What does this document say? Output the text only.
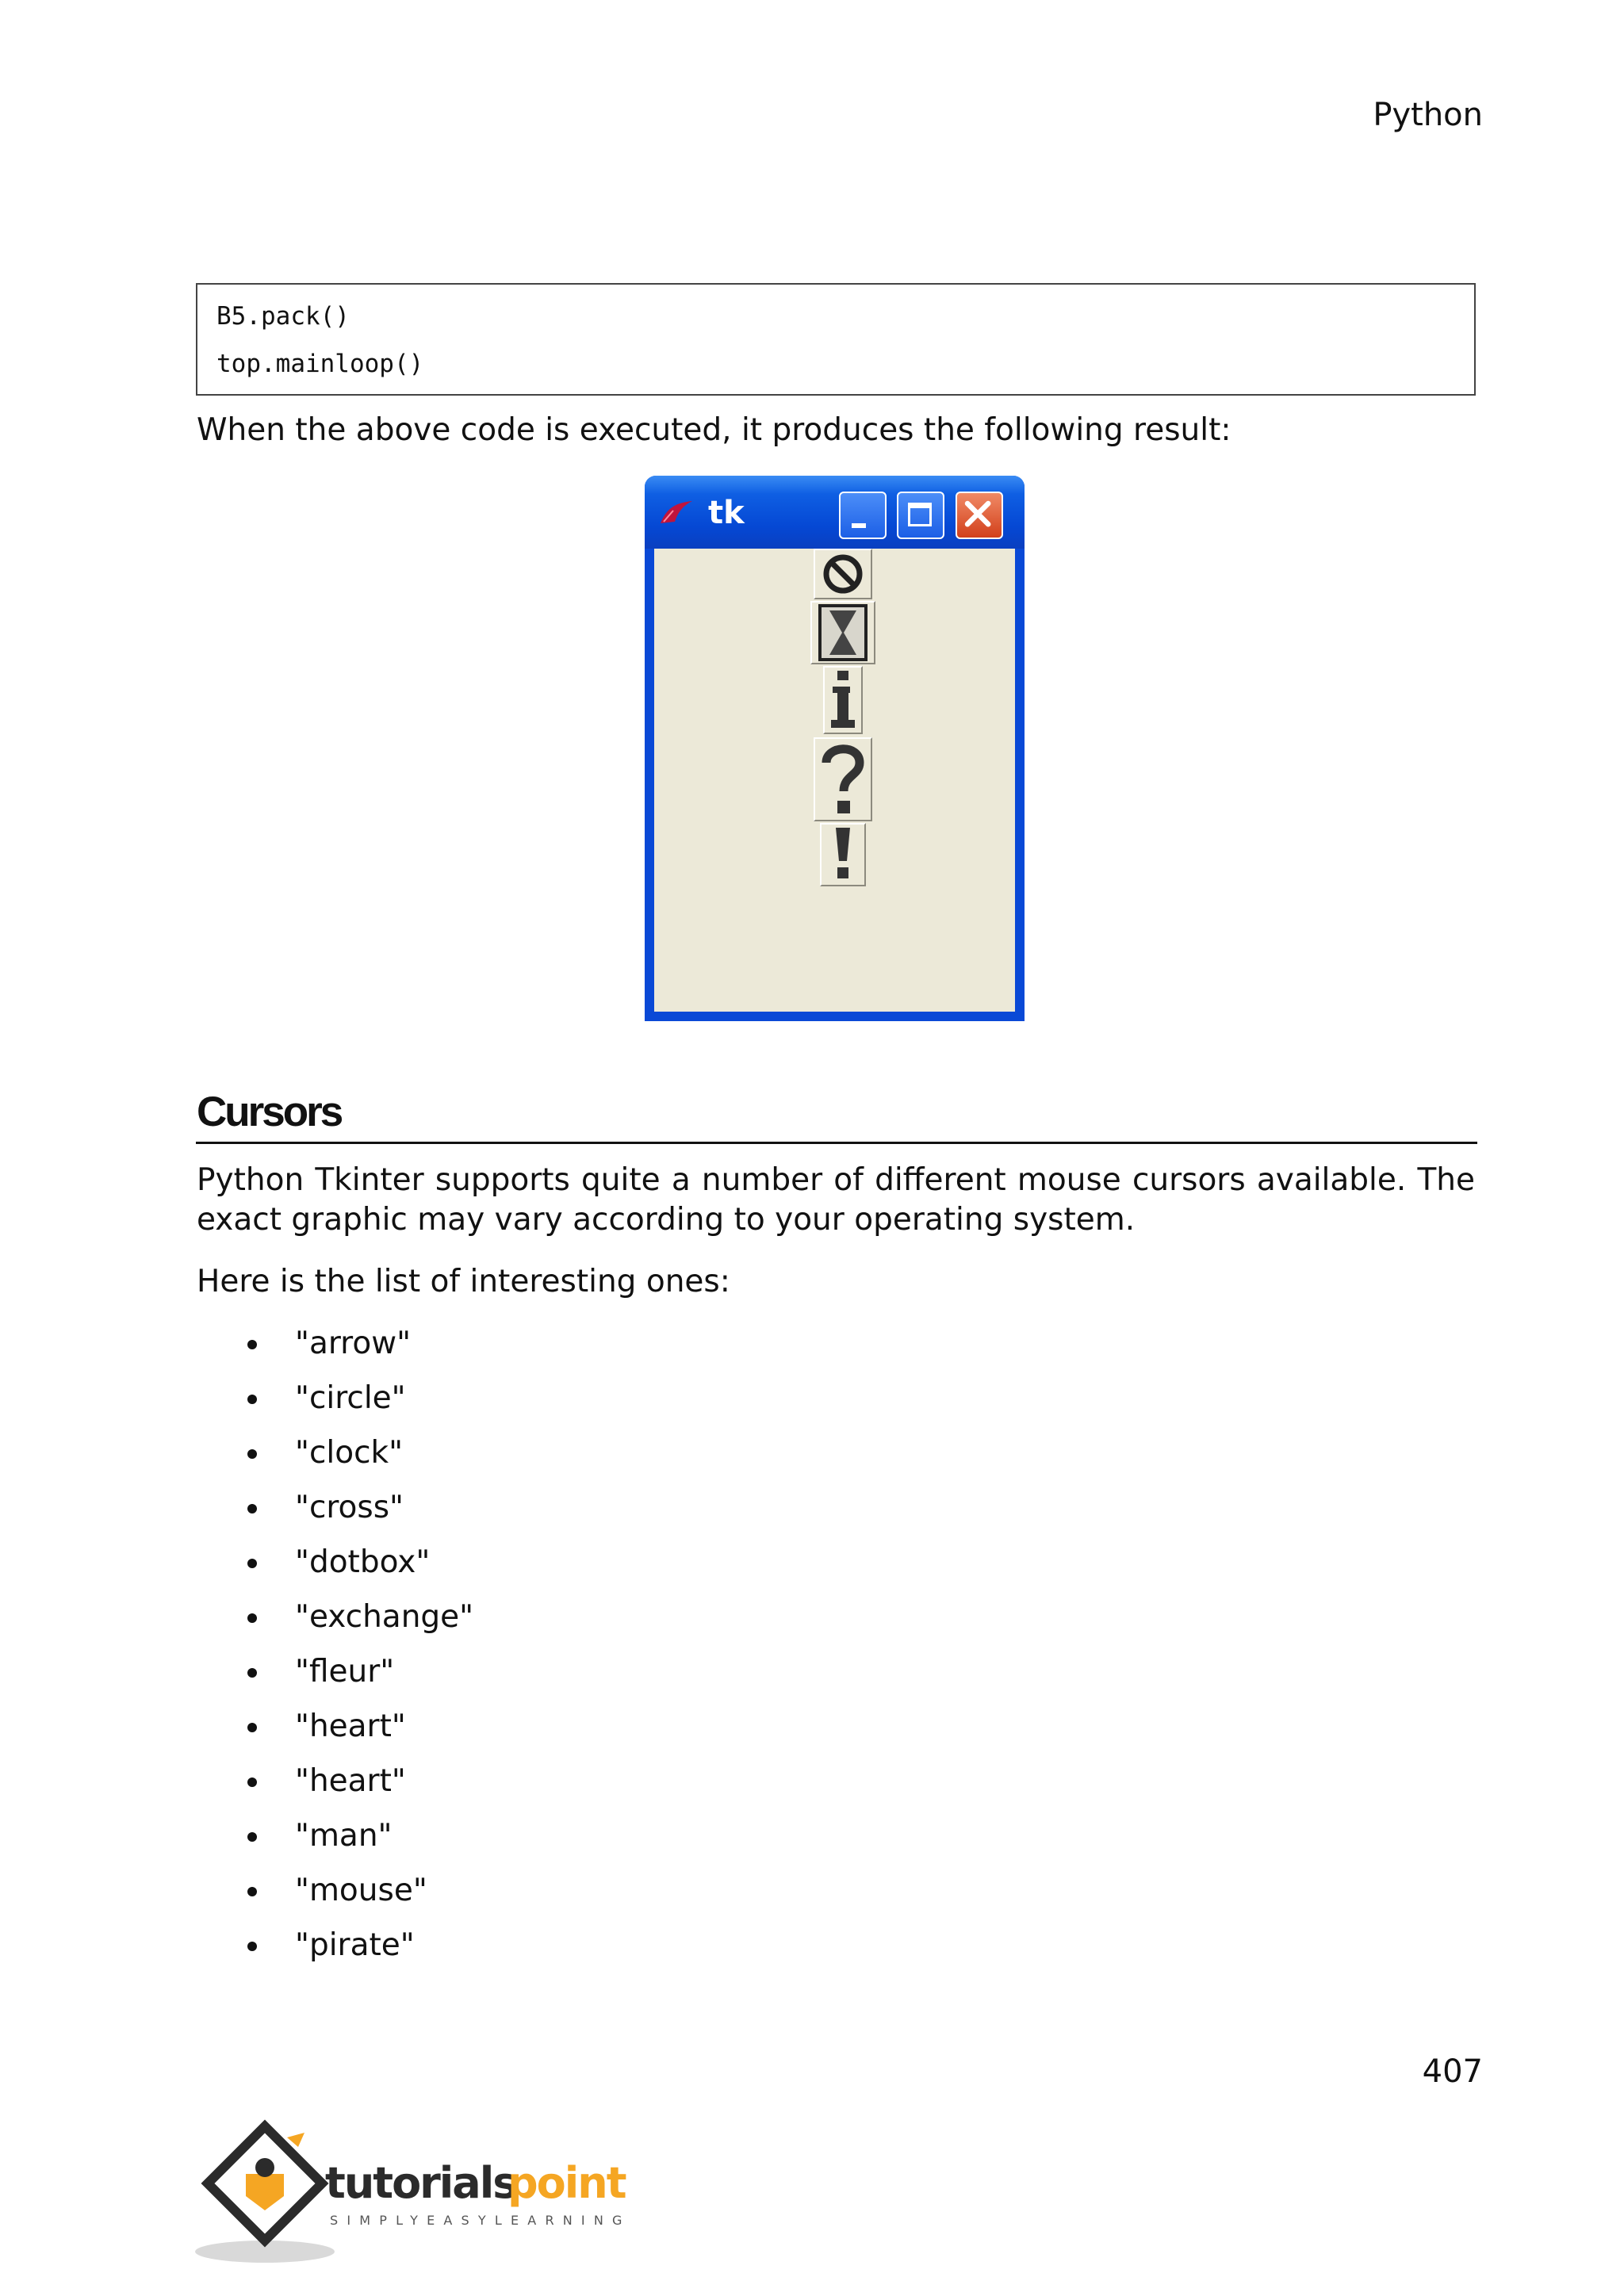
Python
B5.pack()
top.mainloop()
When the above code is executed, it produces the following result:
tk
Cursors
Python Tkinter supports quite a number of different mouse cursors available. The exact graphic may vary according to your operating system.
Here is the list of interesting ones:
"arrow"
"circle"
"clock"
"cross"
"dotbox"
"exchange"
"fleur"
"heart"
"heart"
"man"
"mouse"
"pirate"
407
tutorials
point
SIMPLYEASYLEARNING
